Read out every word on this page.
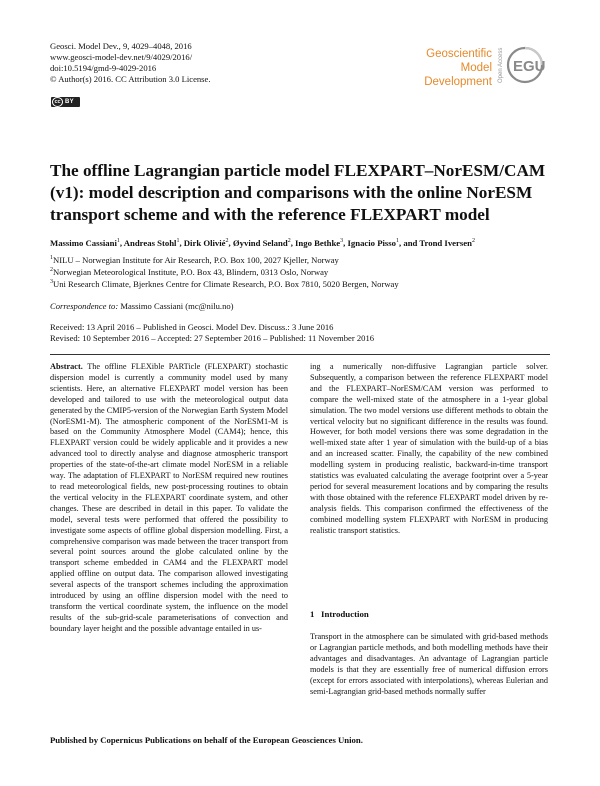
Geosci. Model Dev., 9, 4029–4048, 2016
www.geosci-model-dev.net/9/4029/2016/
doi:10.5194/gmd-9-4029-2016
© Author(s) 2016. CC Attribution 3.0 License.
cc BY
Geoscientific
Model Development Open Access EGU
The offline Lagrangian particle model FLEXPART–NorESM/CAM (v1): model description and comparisons with the online NorESM transport scheme and with the reference FLEXPART model
Massimo Cassiani$^1$, Andreas Stohl$^1$, Dirk Olivié$^2$, Øyvind Seland$^2$, Ingo Bethke$^3$, Ignacio Pisso$^1$, and Trond Iversen$^2$
$^1$NILU – Norwegian Institute for Air Research, P.O. Box 100, 2027 Kjeller, Norway
$^2$Norwegian Meteorological Institute, P.O. Box 43, Blindern, 0313 Oslo, Norway
$^3$Uni Research Climate, Bjerknes Centre for Climate Research, P.O. Box 7810, 5020 Bergen, Norway
Correspondence to: Massimo Cassiani (mc@nilu.no)
Received: 13 April 2016 – Published in Geosci. Model Dev. Discuss.: 3 June 2016
Revised: 10 September 2016 – Accepted: 27 September 2016 – Published: 11 November 2016
Abstract. The offline FLEXible PARTicle (FLEXPART) stochastic dispersion model is currently a community model used by many scientists. Here, an alternative FLEXPART model version has been developed and tailored to use with the meteorological output data generated by the CMIP5-version of the Norwegian Earth System Model (NorESM1-M). The atmospheric component of the NorESM1-M is based on the Community Atmosphere Model (CAM4); hence, this FLEXPART version could be widely applicable and it provides a new advanced tool to directly analyse and diagnose atmospheric transport properties of the state-of-the-art climate model NorESM in a reliable way. The adaptation of FLEXPART to NorESM required new routines to read meteorological fields, new post-processing routines to obtain the vertical velocity in the FLEXPART coordinate system, and other changes. These are described in detail in this paper. To validate the model, several tests were performed that offered the possibility to investigate some aspects of offline global dispersion modelling. First, a comprehensive comparison was made between the tracer transport from several point sources around the globe calculated online by the transport scheme embedded in CAM4 and the FLEXPART model applied offline on output data. The comparison allowed investigating several aspects of the transport schemes including the approximation introduced by using an offline dispersion model with the need to transform the vertical coordinate system, the influence on the model results of the sub-grid-scale parameterisations of convection and boundary layer height and the possible advantage entailed in us-
ing a numerically non-diffusive Lagrangian particle solver. Subsequently, a comparison between the reference FLEXPART model and the FLEXPART–NorESM/CAM version was performed to compare the well-mixed state of the atmosphere in a 1-year global simulation. The two model versions use different methods to obtain the vertical velocity but no significant difference in the results was found. However, for both model versions there was some degradation in the well-mixed state after 1 year of simulation with the build-up of a bias and an increased scatter. Finally, the capability of the new combined modelling system in producing realistic, backward-in-time transport statistics was evaluated calculating the average footprint over a 5-year period for several measurement locations and by comparing the results with those obtained with the reference FLEXPART model driven by re-analysis fields. This comparison confirmed the effectiveness of the combined modelling system FLEXPART with NorESM in producing realistic transport statistics.
1 Introduction
Transport in the atmosphere can be simulated with grid-based methods or Lagrangian particle methods, and both modelling methods have their advantages and disadvantages. An advantage of Lagrangian particle models is that they are essentially free of numerical diffusion errors (except for errors associated with interpolations), whereas Eulerian and semi-Lagrangian grid-based methods normally suffer
Published by Copernicus Publications on behalf of the European Geosciences Union.
